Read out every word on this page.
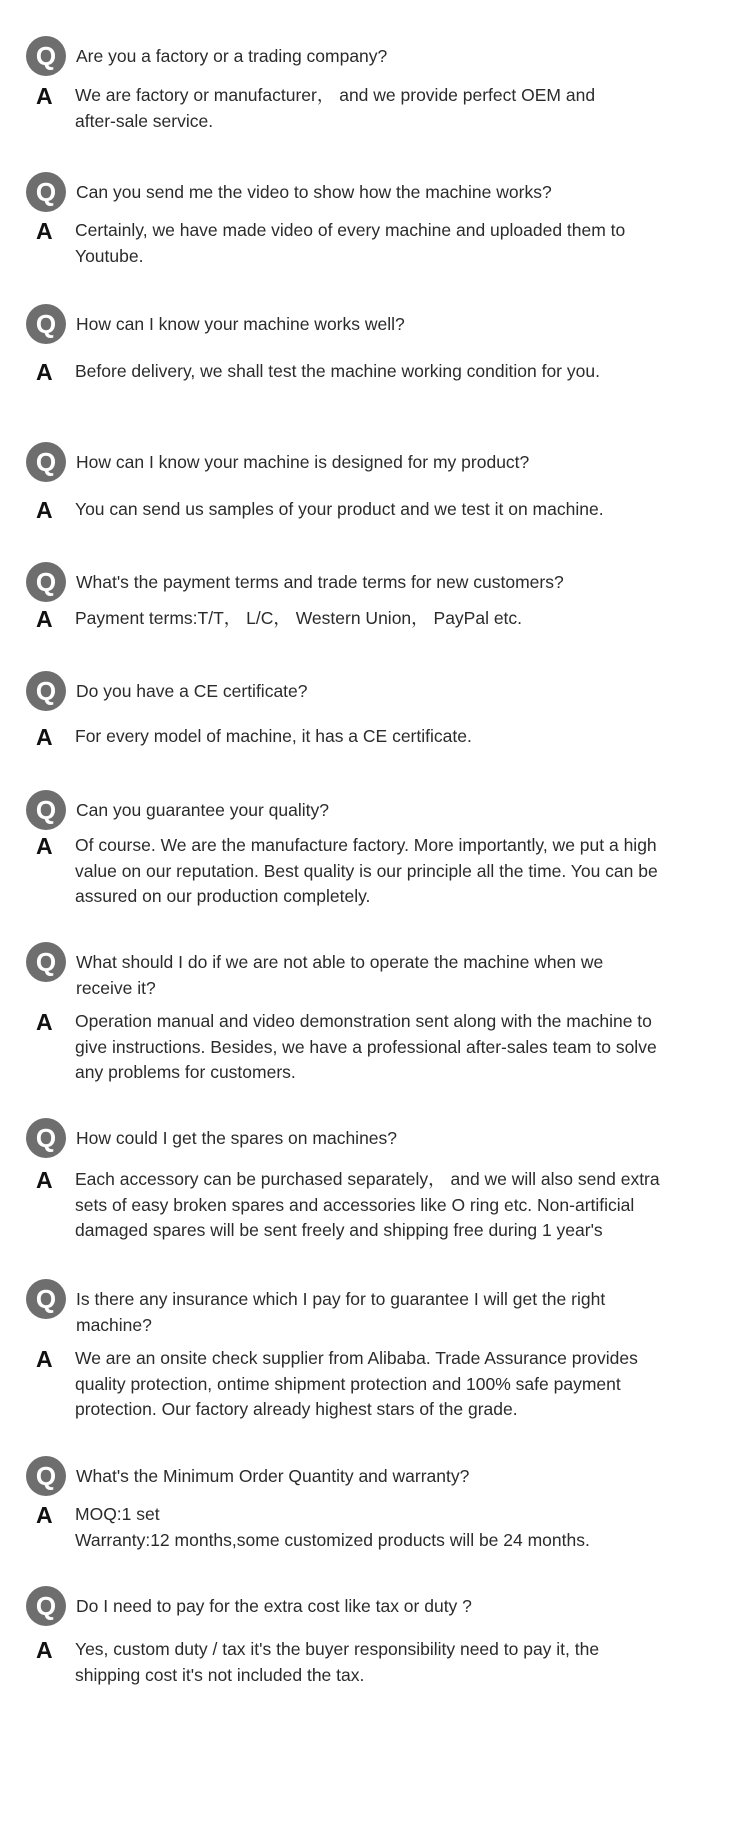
Q	Are you a factory or a trading company?
A We are factory or manufacturer， and we provide perfect OEM and
after-sale service.
Q	Can you send me the video to show how the machine works?
A Certainly, we have made video of every machine and uploaded them to
Youtube.
Q	How can I know your machine works well?
A Before delivery, we shall test the machine working condition for you.
Q	How can I know your machine is designed for my product?
A You can send us samples of your product and we test it on machine.
Q	What's the payment terms and trade terms for new customers?
A Payment terms:T/T， L/C， Western Union， PayPal etc.
Q	Do you have a CE certificate?
A For every model of machine, it has a CE certificate.
Q	Can you guarantee your quality?
A Of course. We are the manufacture factory. More importantly, we put a high
value on our reputation. Best quality is our principle all the time. You can be
assured on our production completely.
Q	What should I do if we are not able to operate the machine when we
receive it?
A Operation manual and video demonstration sent along with the machine to
give instructions. Besides, we have a professional after-sales team to solve
any problems for customers.
Q	How could I get the spares on machines?
A Each accessory can be purchased separately， and we will also send extra
sets of easy broken spares and accessories like O ring etc. Non-artificial
damaged spares will be sent freely and shipping free during 1 year's
Q	Is there any insurance which I pay for to guarantee I will get the right
machine?
A We are an onsite check supplier from Alibaba. Trade Assurance provides
quality protection, ontime shipment protection and 100% safe payment
protection. Our factory already highest stars of the grade.
Q	What's the Minimum Order Quantity and warranty?
A MOQ:1 set
Warranty:12 months,some customized products will be 24 months.
Q	Do I need to pay for the extra cost like tax or duty ?
A Yes, custom duty / tax it's the buyer responsibility need to pay it, the
shipping cost it's not included the tax.
